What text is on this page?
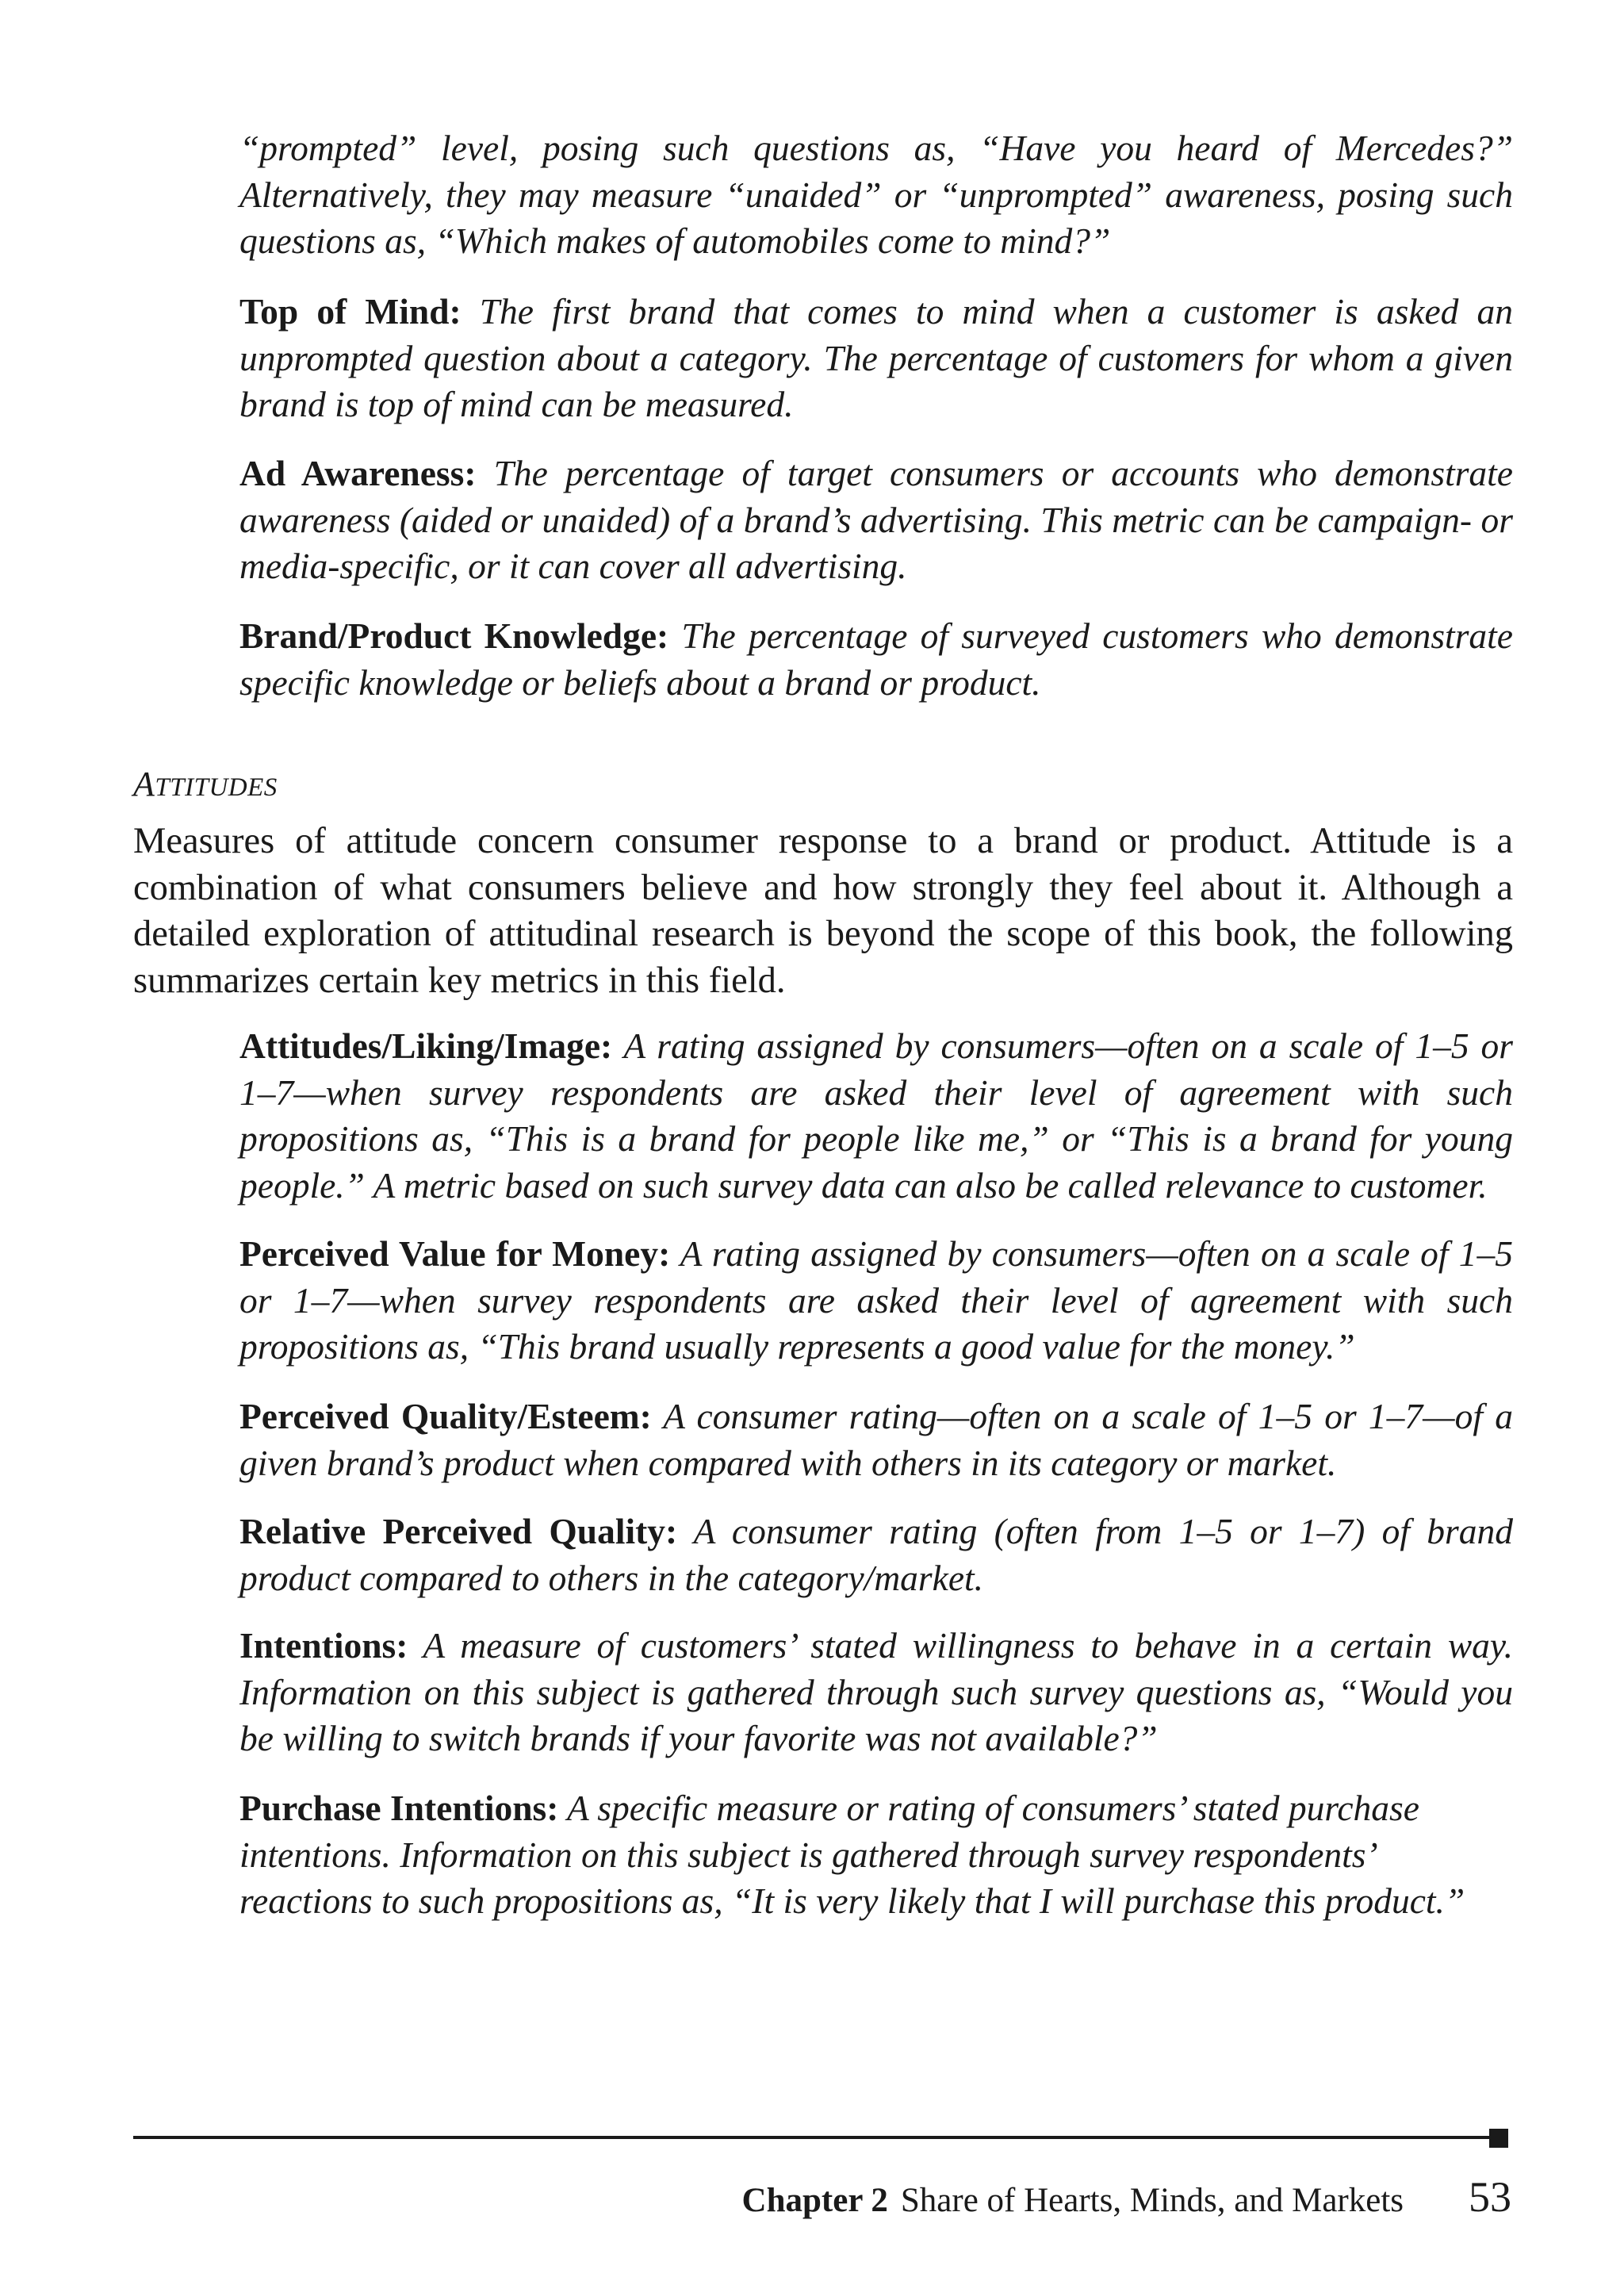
“prompted” level, posing such questions as, “Have you heard of Mercedes?” Alternatively, they may measure “unaided” or “unprompted” awareness, posing such questions as, “Which makes of automobiles come to mind?”

Top of Mind: The first brand that comes to mind when a customer is asked an unprompted question about a category. The percentage of customers for whom a given brand is top of mind can be measured.

Ad Awareness: The percentage of target consumers or accounts who demonstrate awareness (aided or unaided) of a brand’s advertising. This metric can be campaign- or media-specific, or it can cover all advertising.

Brand/Product Knowledge: The percentage of surveyed customers who demonstrate specific knowledge or beliefs about a brand or product.

ATTITUDES

Measures of attitude concern consumer response to a brand or product. Attitude is a combination of what consumers believe and how strongly they feel about it. Although a detailed exploration of attitudinal research is beyond the scope of this book, the following summarizes certain key metrics in this field.

Attitudes/Liking/Image: A rating assigned by consumers—often on a scale of 1–5 or 1–7—when survey respondents are asked their level of agreement with such propositions as, “This is a brand for people like me,” or “This is a brand for young people.” A metric based on such survey data can also be called relevance to customer.

Perceived Value for Money: A rating assigned by consumers—often on a scale of 1–5 or 1–7—when survey respondents are asked their level of agreement with such propositions as, “This brand usually represents a good value for the money.”

Perceived Quality/Esteem: A consumer rating—often on a scale of 1–5 or 1–7—of a given brand’s product when compared with others in its category or market.

Relative Perceived Quality: A consumer rating (often from 1–5 or 1–7) of brand product compared to others in the category/market.

Intentions: A measure of customers’ stated willingness to behave in a certain way. Information on this subject is gathered through such survey questions as, “Would you be willing to switch brands if your favorite was not available?”

Purchase Intentions: A specific measure or rating of consumers’ stated purchase intentions. Information on this subject is gathered through survey respondents’ reactions to such propositions as, “It is very likely that I will purchase this product.”

Chapter 2 Share of Hearts, Minds, and Markets 53
